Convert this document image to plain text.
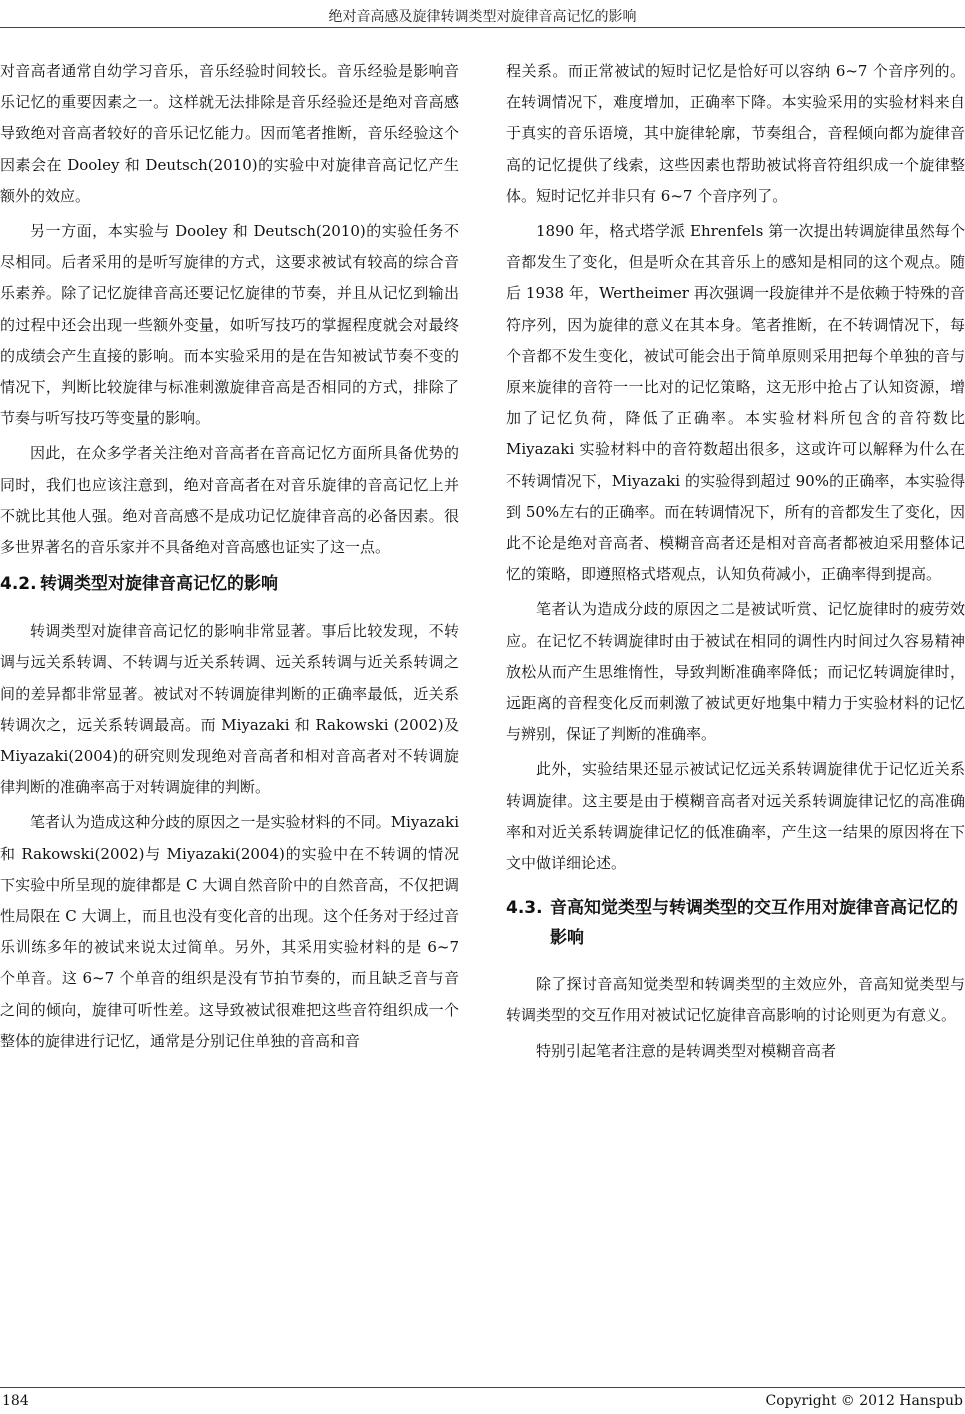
绝对音高感及旋律转调类型对旋律音高记忆的影响

对音高者通常自幼学习音乐，音乐经验时间较长。音乐经验是影响音乐记忆的重要因素之一。这样就无法排除是音乐经验还是绝对音高感导致绝对音高者较好的音乐记忆能力。因而笔者推断，音乐经验这个因素会在 Dooley 和 Deutsch(2010)的实验中对旋律音高记忆产生额外的效应。

另一方面，本实验与 Dooley 和 Deutsch(2010)的实验任务不尽相同。后者采用的是听写旋律的方式，这要求被试有较高的综合音乐素养。除了记忆旋律音高还要记忆旋律的节奏，并且从记忆到输出的过程中还会出现一些额外变量，如听写技巧的掌握程度就会对最终的成绩会产生直接的影响。而本实验采用的是在告知被试节奏不变的情况下，判断比较旋律与标准刺激旋律音高是否相同的方式，排除了节奏与听写技巧等变量的影响。

因此，在众多学者关注绝对音高者在音高记忆方面所具备优势的同时，我们也应该注意到，绝对音高者在对音乐旋律的音高记忆上并不就比其他人强。绝对音高感不是成功记忆旋律音高的必备因素。很多世界著名的音乐家并不具备绝对音高感也证实了这一点。

4.2. 转调类型对旋律音高记忆的影响

转调类型对旋律音高记忆的影响非常显著。事后比较发现，不转调与远关系转调、不转调与近关系转调、远关系转调与近关系转调之间的差异都非常显著。被试对不转调旋律判断的正确率最低，近关系转调次之，远关系转调最高。而 Miyazaki 和 Rakowski (2002)及 Miyazaki(2004)的研究则发现绝对音高者和相对音高者对不转调旋律判断的准确率高于对转调旋律的判断。

笔者认为造成这种分歧的原因之一是实验材料的不同。Miyazaki 和 Rakowski(2002)与 Miyazaki(2004)的实验中在不转调的情况下实验中所呈现的旋律都是 C 大调自然音阶中的自然音高，不仅把调性局限在 C 大调上，而且也没有变化音的出现。这个任务对于经过音乐训练多年的被试来说太过简单。另外，其采用实验材料的是 6~7 个单音。这 6~7 个单音的组织是没有节拍节奏的，而且缺乏音与音之间的倾向，旋律可听性差。这导致被试很难把这些音符组织成一个整体的旋律进行记忆，通常是分别记住单独的音高和音

程关系。而正常被试的短时记忆是恰好可以容纳 6~7 个音序列的。在转调情况下，难度增加，正确率下降。本实验采用的实验材料来自于真实的音乐语境，其中旋律轮廓，节奏组合，音程倾向都为旋律音高的记忆提供了线索，这些因素也帮助被试将音符组织成一个旋律整体。短时记忆并非只有 6~7 个音序列了。

1890 年，格式塔学派 Ehrenfels 第一次提出转调旋律虽然每个音都发生了变化，但是听众在其音乐上的感知是相同的这个观点。随后 1938 年，Wertheimer 再次强调一段旋律并不是依赖于特殊的音符序列，因为旋律的意义在其本身。笔者推断，在不转调情况下，每个音都不发生变化，被试可能会出于简单原则采用把每个单独的音与原来旋律的音符一一比对的记忆策略，这无形中抢占了认知资源，增加了记忆负荷，降低了正确率。本实验材料所包含的音符数比 Miyazaki 实验材料中的音符数超出很多，这或许可以解释为什么在不转调情况下，Miyazaki 的实验得到超过 90%的正确率，本实验得到 50%左右的正确率。而在转调情况下，所有的音都发生了变化，因此不论是绝对音高者、模糊音高者还是相对音高者都被迫采用整体记忆的策略，即遵照格式塔观点，认知负荷减小，正确率得到提高。

笔者认为造成分歧的原因之二是被试听赏、记忆旋律时的疲劳效应。在记忆不转调旋律时由于被试在相同的调性内时间过久容易精神放松从而产生思维惰性，导致判断准确率降低；而记忆转调旋律时，远距离的音程变化反而刺激了被试更好地集中精力于实验材料的记忆与辨别，保证了判断的准确率。

此外，实验结果还显示被试记忆远关系转调旋律优于记忆近关系转调旋律。这主要是由于模糊音高者对远关系转调旋律记忆的高准确率和对近关系转调旋律记忆的低准确率，产生这一结果的原因将在下文中做详细论述。

4.3. 音高知觉类型与转调类型的交互作用对旋律音高记忆的影响

除了探讨音高知觉类型和转调类型的主效应外，音高知觉类型与转调类型的交互作用对被试记忆旋律音高影响的讨论则更为有意义。

特别引起笔者注意的是转调类型对模糊音高者

184	Copyright © 2012 Hanspub
